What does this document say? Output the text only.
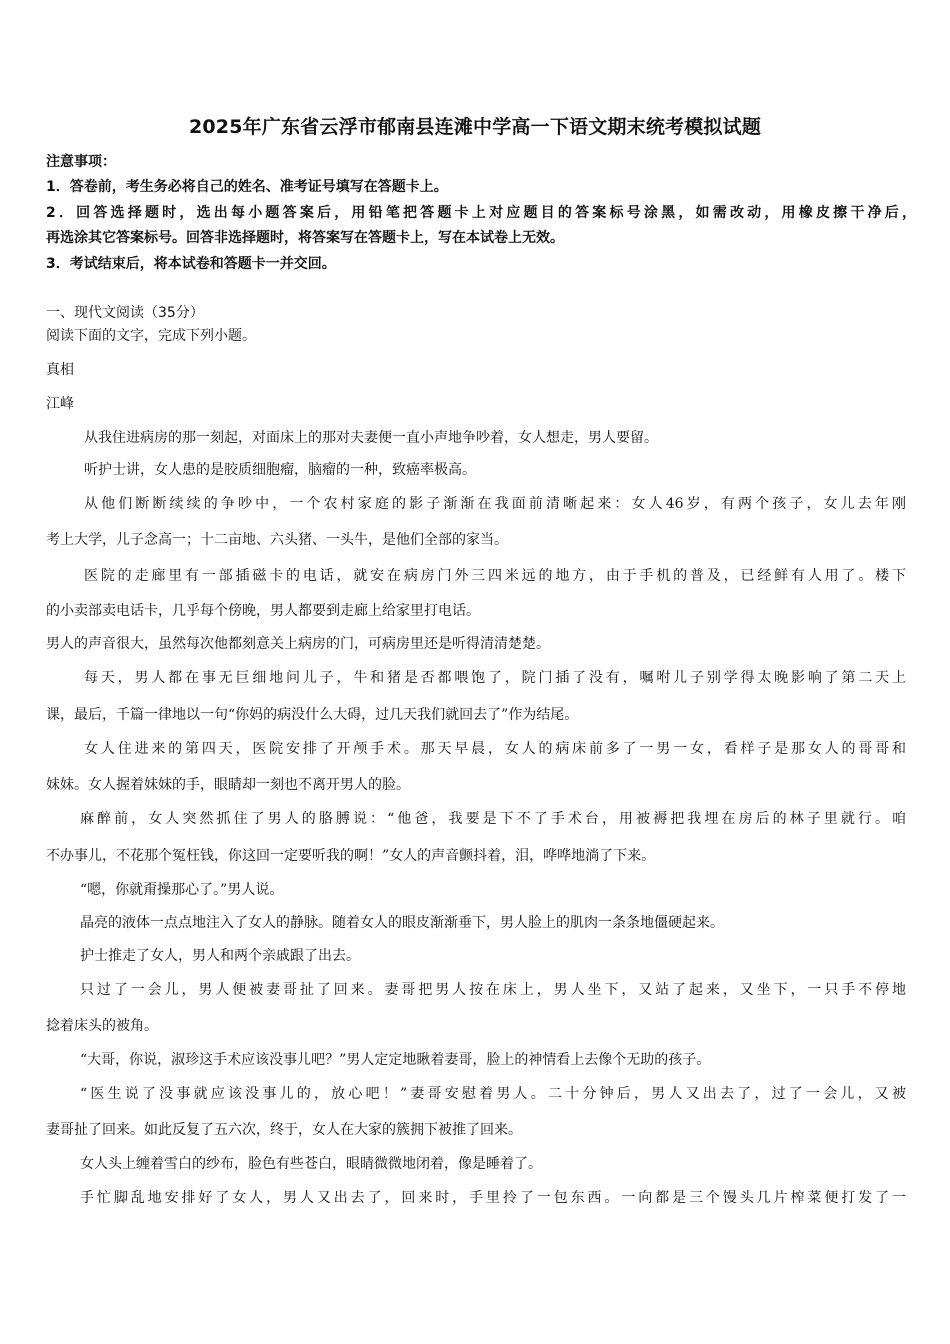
2025年广东省云浮市郁南县连滩中学高一下语文期末统考模拟试题
注意事项：
1．答卷前，考生务必将自己的姓名、准考证号填写在答题卡上。
2．回答选择题时，选出每小题答案后，用铅笔把答题卡上对应题目的答案标号涂黑，如需改动，用橡皮擦干净后，
再选涂其它答案标号。回答非选择题时，将答案写在答题卡上，写在本试卷上无效。
3．考试结束后，将本试卷和答题卡一并交回。
一、现代文阅读（35分）
阅读下面的文字，完成下列小题。
真相
江峰
从我住进病房的那一刻起，对面床上的那对夫妻便一直小声地争吵着，女人想走，男人要留。
听护士讲，女人患的是胶质细胞瘤，脑瘤的一种，致癌率极高。
从他们断断续续的争吵中，一个农村家庭的影子渐渐在我面前清晰起来：女人46岁，有两个孩子，女儿去年刚
考上大学，儿子念高一；十二亩地、六头猪、一头牛，是他们全部的家当。
医院的走廊里有一部插磁卡的电话，就安在病房门外三四米远的地方，由于手机的普及，已经鲜有人用了。楼下
的小卖部卖电话卡，几乎每个傍晚，男人都要到走廊上给家里打电话。
男人的声音很大，虽然每次他都刻意关上病房的门，可病房里还是听得清清楚楚。
每天，男人都在事无巨细地问儿子，牛和猪是否都喂饱了，院门插了没有，嘱咐儿子别学得太晚影响了第二天上
课，最后，千篇一律地以一句“你妈的病没什么大碍，过几天我们就回去了”作为结尾。
女人住进来的第四天，医院安排了开颅手术。那天早晨，女人的病床前多了一男一女，看样子是那女人的哥哥和
妹妹。女人握着妹妹的手，眼睛却一刻也不离开男人的脸。
麻醉前，女人突然抓住了男人的胳膊说：“他爸，我要是下不了手术台，用被褥把我埋在房后的林子里就行。咱
不办事儿，不花那个冤枉钱，你这回一定要听我的啊！”女人的声音颤抖着，泪，哗哗地淌了下来。
“嗯，你就甭操那心了。”男人说。
晶亮的液体一点点地注入了女人的静脉。随着女人的眼皮渐渐垂下，男人脸上的肌肉一条条地僵硬起来。
护士推走了女人，男人和两个亲戚跟了出去。
只过了一会儿，男人便被妻哥扯了回来。妻哥把男人按在床上，男人坐下，又站了起来，又坐下，一只手不停地
捻着床头的被角。
“大哥，你说，淑珍这手术应该没事儿吧？”男人定定地瞅着妻哥，脸上的神情看上去像个无助的孩子。
“医生说了没事就应该没事儿的，放心吧！”妻哥安慰着男人。二十分钟后，男人又出去了，过了一会儿，又被
妻哥扯了回来。如此反复了五六次，终于，女人在大家的簇拥下被推了回来。
女人头上缠着雪白的纱布，脸色有些苍白，眼睛微微地闭着，像是睡着了。
手忙脚乱地安排好了女人，男人又出去了，回来时，手里拎了一包东西。一向都是三个馒头几片榨菜便打发了一
